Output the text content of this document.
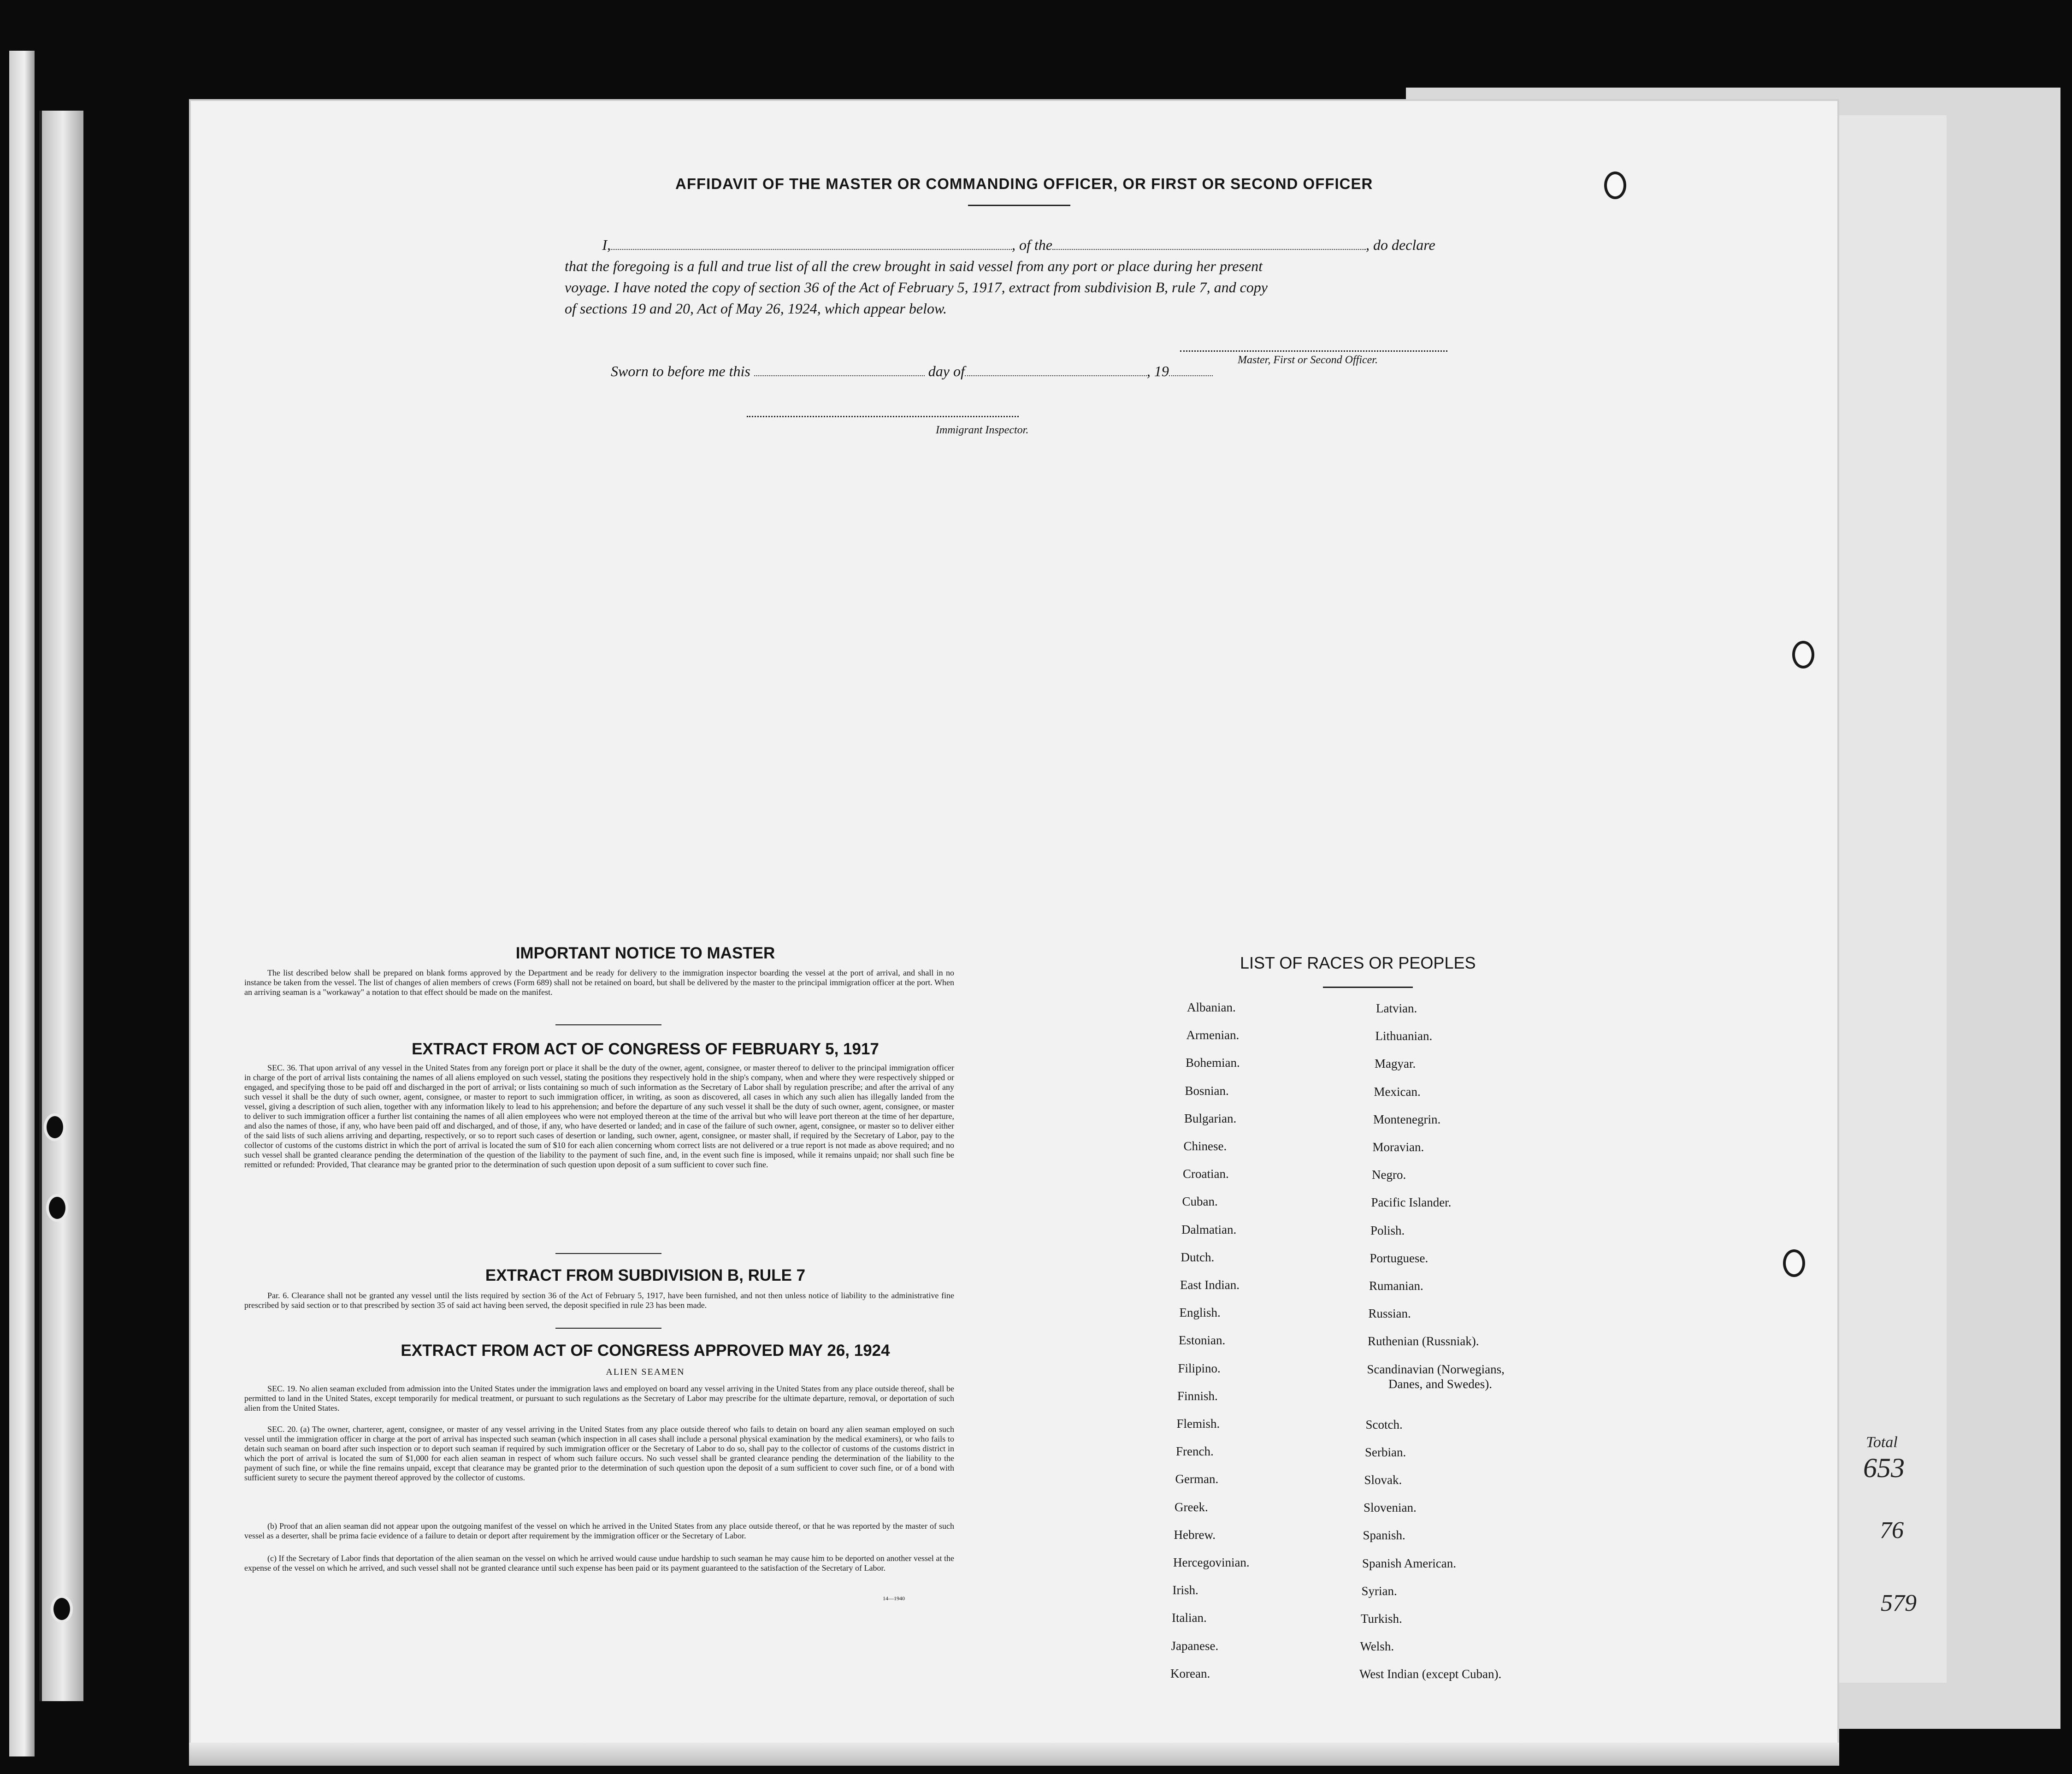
AFFIDAVIT OF THE MASTER OR COMMANDING OFFICER, OR FIRST OR SECOND OFFICER
I,	, of the	, do declare
that the foregoing is a full and true list of all the crew brought in said vessel from any port or place during her present
voyage. I have noted the copy of section 36 of the Act of February 5, 1917, extract from subdivision B, rule 7, and copy
of sections 19 and 20, Act of May 26, 1924, which appear below.
Master, First or Second Officer.
Sworn to before me this	day of	, 19
Immigrant Inspector.
IMPORTANT NOTICE TO MASTER
The list described below shall be prepared on blank forms approved by the Department and be ready for delivery to the immigration inspector boarding the vessel at the port of arrival, and shall in no instance be taken from the vessel. The list of changes of alien members of crews (Form 689) shall not be retained on board, but shall be delivered by the master to the principal immigration officer at the port. When an arriving seaman is a "workaway" a notation to that effect should be made on the manifest.
EXTRACT FROM ACT OF CONGRESS OF FEBRUARY 5, 1917
SEC. 36. That upon arrival of any vessel in the United States from any foreign port or place it shall be the duty of the owner, agent, consignee, or master thereof to deliver to the principal immigration officer in charge of the port of arrival lists containing the names of all aliens employed on such vessel, stating the positions they respectively hold in the ship's company, when and where they were respectively shipped or engaged, and specifying those to be paid off and discharged in the port of arrival; or lists containing so much of such information as the Secretary of Labor shall by regulation prescribe; and after the arrival of any such vessel it shall be the duty of such owner, agent, consignee, or master to report to such immigration officer, in writing, as soon as discovered, all cases in which any such alien has illegally landed from the vessel, giving a description of such alien, together with any information likely to lead to his apprehension; and before the departure of any such vessel it shall be the duty of such owner, agent, consignee, or master to deliver to such immigration officer a further list containing the names of all alien employees who were not employed thereon at the time of the arrival but who will leave port thereon at the time of her departure, and also the names of those, if any, who have been paid off and discharged, and of those, if any, who have deserted or landed; and in case of the failure of such owner, agent, consignee, or master so to deliver either of the said lists of such aliens arriving and departing, respectively, or so to report such cases of desertion or landing, such owner, agent, consignee, or master shall, if required by the Secretary of Labor, pay to the collector of customs of the customs district in which the port of arrival is located the sum of $10 for each alien concerning whom correct lists are not delivered or a true report is not made as above required; and no such vessel shall be granted clearance pending the determination of the question of the liability to the payment of such fine, and, in the event such fine is imposed, while it remains unpaid; nor shall such fine be remitted or refunded: Provided, That clearance may be granted prior to the determination of such question upon deposit of a sum sufficient to cover such fine.
EXTRACT FROM SUBDIVISION B, RULE 7
Par. 6. Clearance shall not be granted any vessel until the lists required by section 36 of the Act of February 5, 1917, have been furnished, and not then unless notice of liability to the administrative fine prescribed by said section or to that prescribed by section 35 of said act having been served, the deposit specified in rule 23 has been made.
EXTRACT FROM ACT OF CONGRESS APPROVED MAY 26, 1924
ALIEN SEAMEN
SEC. 19. No alien seaman excluded from admission into the United States under the immigration laws and employed on board any vessel arriving in the United States from any place outside thereof, shall be permitted to land in the United States, except temporarily for medical treatment, or pursuant to such regulations as the Secretary of Labor may prescribe for the ultimate departure, removal, or deportation of such alien from the United States.
SEC. 20. (a) The owner, charterer, agent, consignee, or master of any vessel arriving in the United States from any place outside thereof who fails to detain on board any alien seaman employed on such vessel until the immigration officer in charge at the port of arrival has inspected such seaman (which inspection in all cases shall include a personal physical examination by the medical examiners), or who fails to detain such seaman on board after such inspection or to deport such seaman if required by such immigration officer or the Secretary of Labor to do so, shall pay to the collector of customs of the customs district in which the port of arrival is located the sum of $1,000 for each alien seaman in respect of whom such failure occurs. No such vessel shall be granted clearance pending the determination of the liability to the payment of such fine, or while the fine remains unpaid, except that clearance may be granted prior to the determination of such question upon the deposit of a sum sufficient to cover such fine, or of a bond with sufficient surety to secure the payment thereof approved by the collector of customs.
(b) Proof that an alien seaman did not appear upon the outgoing manifest of the vessel on which he arrived in the United States from any place outside thereof, or that he was reported by the master of such vessel as a deserter, shall be prima facie evidence of a failure to detain or deport after requirement by the immigration officer or the Secretary of Labor.
(c) If the Secretary of Labor finds that deportation of the alien seaman on the vessel on which he arrived would cause undue hardship to such seaman he may cause him to be deported on another vessel at the expense of the vessel on which he arrived, and such vessel shall not be granted clearance until such expense has been paid or its payment guaranteed to the satisfaction of the Secretary of Labor.
14—1940
LIST OF RACES OR PEOPLES
Albanian.
Armenian.
Bohemian.
Bosnian.
Bulgarian.
Chinese.
Croatian.
Cuban.
Dalmatian.
Dutch.
East Indian.
English.
Estonian.
Filipino.
Finnish.
Flemish.
French.
German.
Greek.
Hebrew.
Hercegovinian.
Irish.
Italian.
Japanese.
Korean.
Latvian.
Lithuanian.
Magyar.
Mexican.
Montenegrin.
Moravian.
Negro.
Pacific Islander.
Polish.
Portuguese.
Rumanian.
Russian.
Ruthenian (Russniak).
Scandinavian (Norwegians,
Danes, and Swedes).
Scotch.
Serbian.
Slovak.
Slovenian.
Spanish.
Spanish American.
Syrian.
Turkish.
Welsh.
West Indian (except Cuban).
Total
653
76
579
